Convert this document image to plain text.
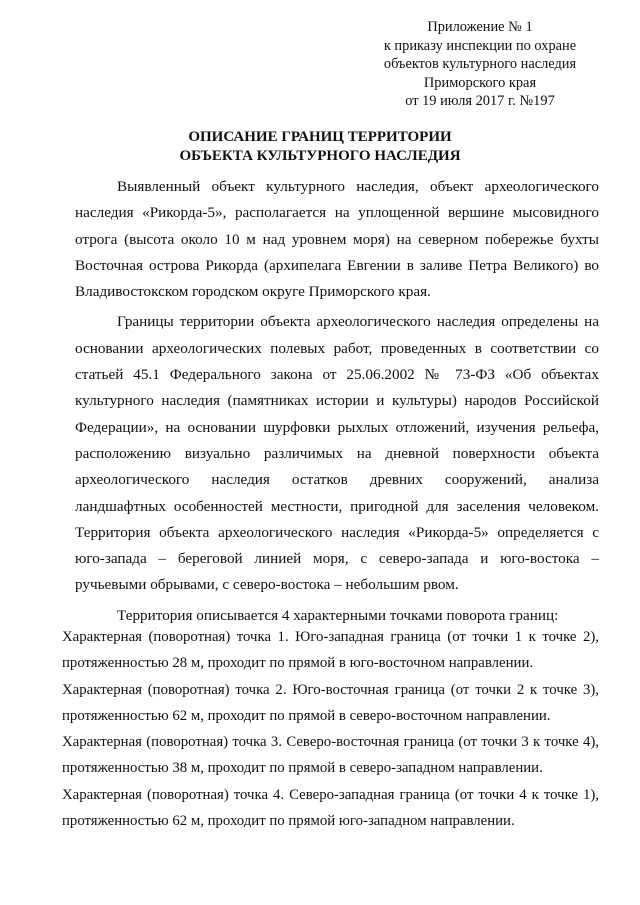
Приложение № 1
к приказу инспекции по охране
объектов культурного наследия
Приморского края
от 19 июля 2017 г. №197
ОПИСАНИЕ ГРАНИЦ ТЕРРИТОРИИ
ОБЪЕКТА КУЛЬТУРНОГО НАСЛЕДИЯ

Выявленный объект культурного наследия, объект археологического наследия «Рикорда-5», располагается на уплощенной вершине мысовидного отрога (высота около 10 м над уровнем моря) на северном побережье бухты Восточная острова Рикорда (архипелага Евгении в заливе Петра Великого) во Владивостокском городском округе Приморского края.

Границы территории объекта археологического наследия определены на основании археологических полевых работ, проведенных в соответствии со статьей 45.1 Федерального закона от 25.06.2002 № 73-ФЗ «Об объектах культурного наследия (памятниках истории и культуры) народов Российской Федерации», на основании шурфовки рыхлых отложений, изучения рельефа, расположению визуально различимых на дневной поверхности объекта археологического наследия остатков древних сооружений, анализа ландшафтных особенностей местности, пригодной для заселения человеком. Территория объекта археологического наследия «Рикорда-5» определяется с юго-запада – береговой линией моря, с северо-запада и юго-востока – ручьевыми обрывами, с северо-востока – небольшим рвом.

Территория описывается 4 характерными точками поворота границ:

Характерная (поворотная) точка 1. Юго-западная граница (от точки 1 к точке 2), протяженностью 28 м, проходит по прямой в юго-восточном направлении.

Характерная (поворотная) точка 2. Юго-восточная граница (от точки 2 к точке 3), протяженностью 62 м, проходит по прямой в северо-восточном направлении.

Характерная (поворотная) точка 3. Северо-восточная граница (от точки 3 к точке 4), протяженностью 38 м, проходит по прямой в северо-западном направлении.

Характерная (поворотная) точка 4. Северо-западная граница (от точки 4 к точке 1), протяженностью 62 м, проходит по прямой юго-западном направлении.
